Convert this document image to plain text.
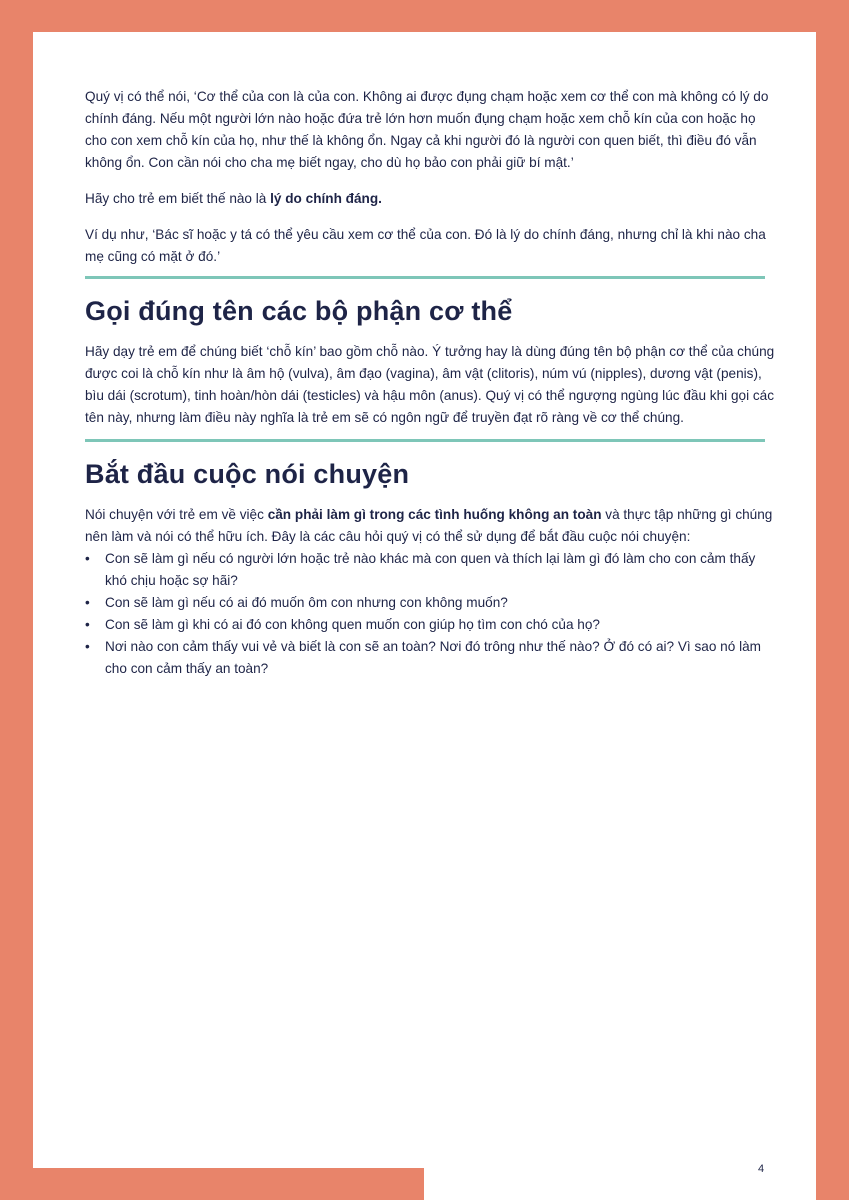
Quý vị có thể nói, ‘Cơ thể của con là của con. Không ai được đụng chạm hoặc xem cơ thể con mà không có lý do chính đáng. Nếu một người lớn nào hoặc đứa trẻ lớn hơn muốn đụng chạm hoặc xem chỗ kín của con hoặc họ cho con xem chỗ kín của họ, như thế là không ổn. Ngay cả khi người đó là người con quen biết, thì điều đó vẫn không ổn. Con cần nói cho cha mẹ biết ngay, cho dù họ bảo con phải giữ bí mật.’

Hãy cho trẻ em biết thế nào là lý do chính đáng.

Ví dụ như, ‘Bác sĩ hoặc y tá có thể yêu cầu xem cơ thể của con. Đó là lý do chính đáng, nhưng chỉ là khi nào cha mẹ cũng có mặt ở đó.’

Gọi đúng tên các bộ phận cơ thể

Hãy dạy trẻ em để chúng biết ‘chỗ kín’ bao gồm chỗ nào. Ý tưởng hay là dùng đúng tên bộ phận cơ thể của chúng được coi là chỗ kín như là âm hộ (vulva), âm đạo (vagina), âm vật (clitoris), núm vú (nipples), dương vật (penis), bìu dái (scrotum), tinh hoàn/hòn dái (testicles) và hậu môn (anus). Quý vị có thể ngượng ngùng lúc đầu khi gọi các tên này, nhưng làm điều này nghĩa là trẻ em sẽ có ngôn ngữ để truyền đạt rõ ràng về cơ thể chúng.

Bắt đầu cuộc nói chuyện

Nói chuyện với trẻ em về việc cần phải làm gì trong các tình huống không an toàn và thực tập những gì chúng nên làm và nói có thể hữu ích. Đây là các câu hỏi quý vị có thể sử dụng để bắt đầu cuộc nói chuyện:

• Con sẽ làm gì nếu có người lớn hoặc trẻ nào khác mà con quen và thích lại làm gì đó làm cho con cảm thấy khó chịu hoặc sợ hãi?
• Con sẽ làm gì nếu có ai đó muốn ôm con nhưng con không muốn?
• Con sẽ làm gì khi có ai đó con không quen muốn con giúp họ tìm con chó của họ?
• Nơi nào con cảm thấy vui vẻ và biết là con sẽ an toàn? Nơi đó trông như thế nào? Ở đó có ai? Vì sao nó làm cho con cảm thấy an toàn?
4
